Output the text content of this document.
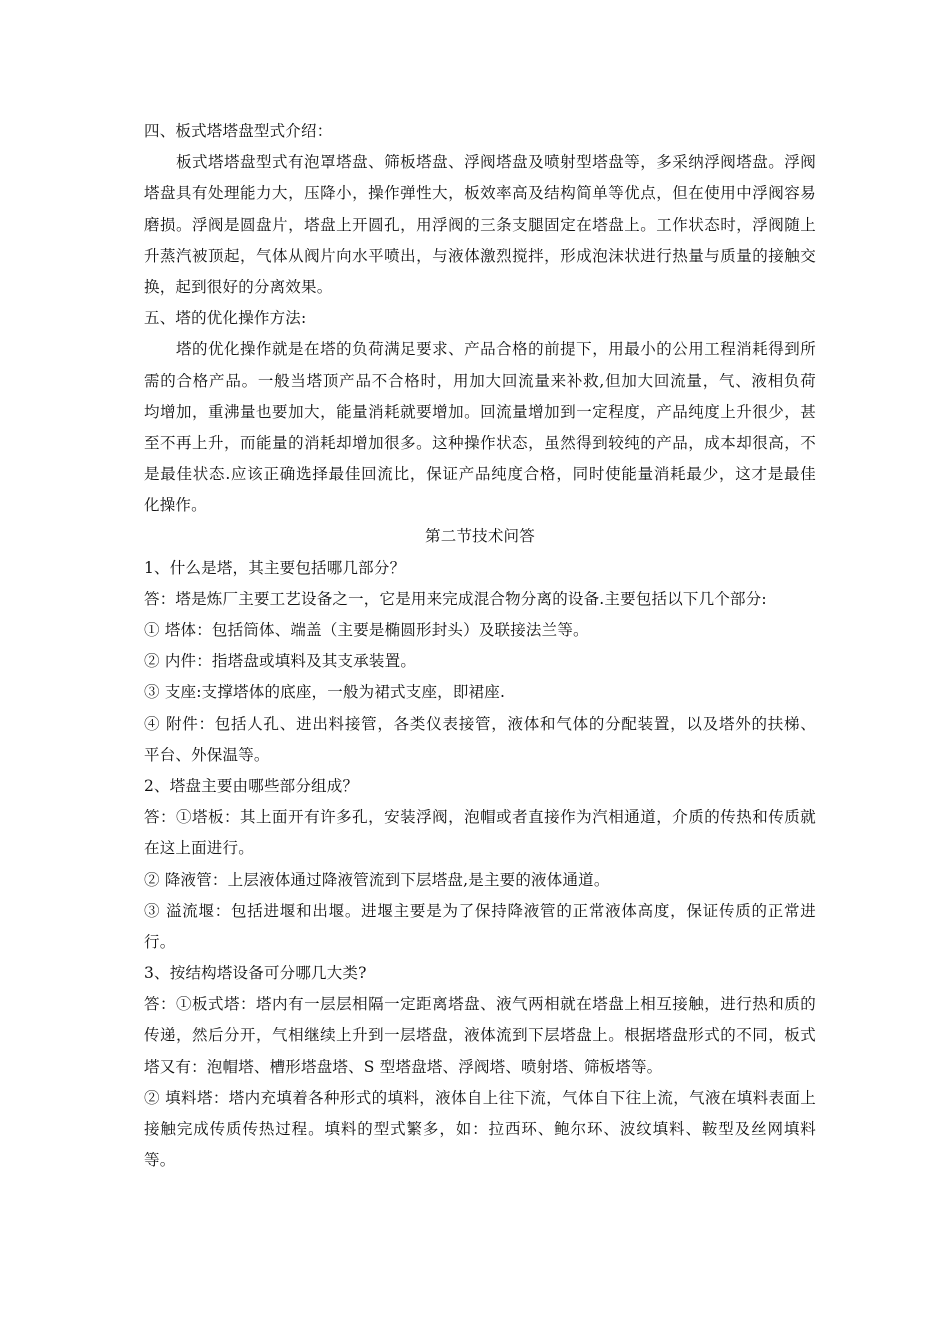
四、板式塔塔盘型式介绍：
板式塔塔盘型式有泡罩塔盘、筛板塔盘、浮阀塔盘及喷射型塔盘等，多采纳浮阀塔盘。浮阀
塔盘具有处理能力大，压降小，操作弹性大，板效率高及结构简单等优点，但在使用中浮阀容易
磨损。浮阀是圆盘片，塔盘上开圆孔，用浮阀的三条支腿固定在塔盘上。工作状态时，浮阀随上
升蒸汽被顶起，气体从阀片向水平喷出，与液体激烈搅拌，形成泡沫状进行热量与质量的接触交
换，起到很好的分离效果。
五、塔的优化操作方法:
塔的优化操作就是在塔的负荷满足要求、产品合格的前提下，用最小的公用工程消耗得到所
需的合格产品。一般当塔顶产品不合格时，用加大回流量来补救,但加大回流量，气、液相负荷
均增加，重沸量也要加大，能量消耗就要增加。回流量增加到一定程度，产品纯度上升很少，甚
至不再上升，而能量的消耗却增加很多。这种操作状态，虽然得到较纯的产品，成本却很高，不
是最佳状态.应该正确选择最佳回流比，保证产品纯度合格，同时使能量消耗最少，这才是最佳
化操作。
第二节技术问答
1、什么是塔，其主要包括哪几部分？
答：塔是炼厂主要工艺设备之一，它是用来完成混合物分离的设备.主要包括以下几个部分:
① 塔体：包括筒体、端盖（主要是椭圆形封头）及联接法兰等。
② 内件：指塔盘或填料及其支承装置。
③ 支座:支撑塔体的底座，一般为裙式支座，即裙座.
④ 附件：包括人孔、进出料接管，各类仪表接管，液体和气体的分配装置，以及塔外的扶梯、
平台、外保温等。
2、塔盘主要由哪些部分组成？
答：①塔板：其上面开有许多孔，安装浮阀，泡帽或者直接作为汽相通道，介质的传热和传质就
在这上面进行。
② 降液管：上层液体通过降液管流到下层塔盘,是主要的液体通道。
③ 溢流堰：包括进堰和出堰。进堰主要是为了保持降液管的正常液体高度，保证传质的正常进
行。
3、按结构塔设备可分哪几大类?
答：①板式塔：塔内有一层层相隔一定距离塔盘、液气两相就在塔盘上相互接触，进行热和质的
传递，然后分开，气相继续上升到一层塔盘，液体流到下层塔盘上。根据塔盘形式的不同，板式
塔又有：泡帽塔、槽形塔盘塔、S 型塔盘塔、浮阀塔、喷射塔、筛板塔等。
② 填料塔：塔内充填着各种形式的填料，液体自上往下流，气体自下往上流，气液在填料表面上
接触完成传质传热过程。填料的型式繁多，如：拉西环、鲍尔环、波纹填料、鞍型及丝网填料
等。
